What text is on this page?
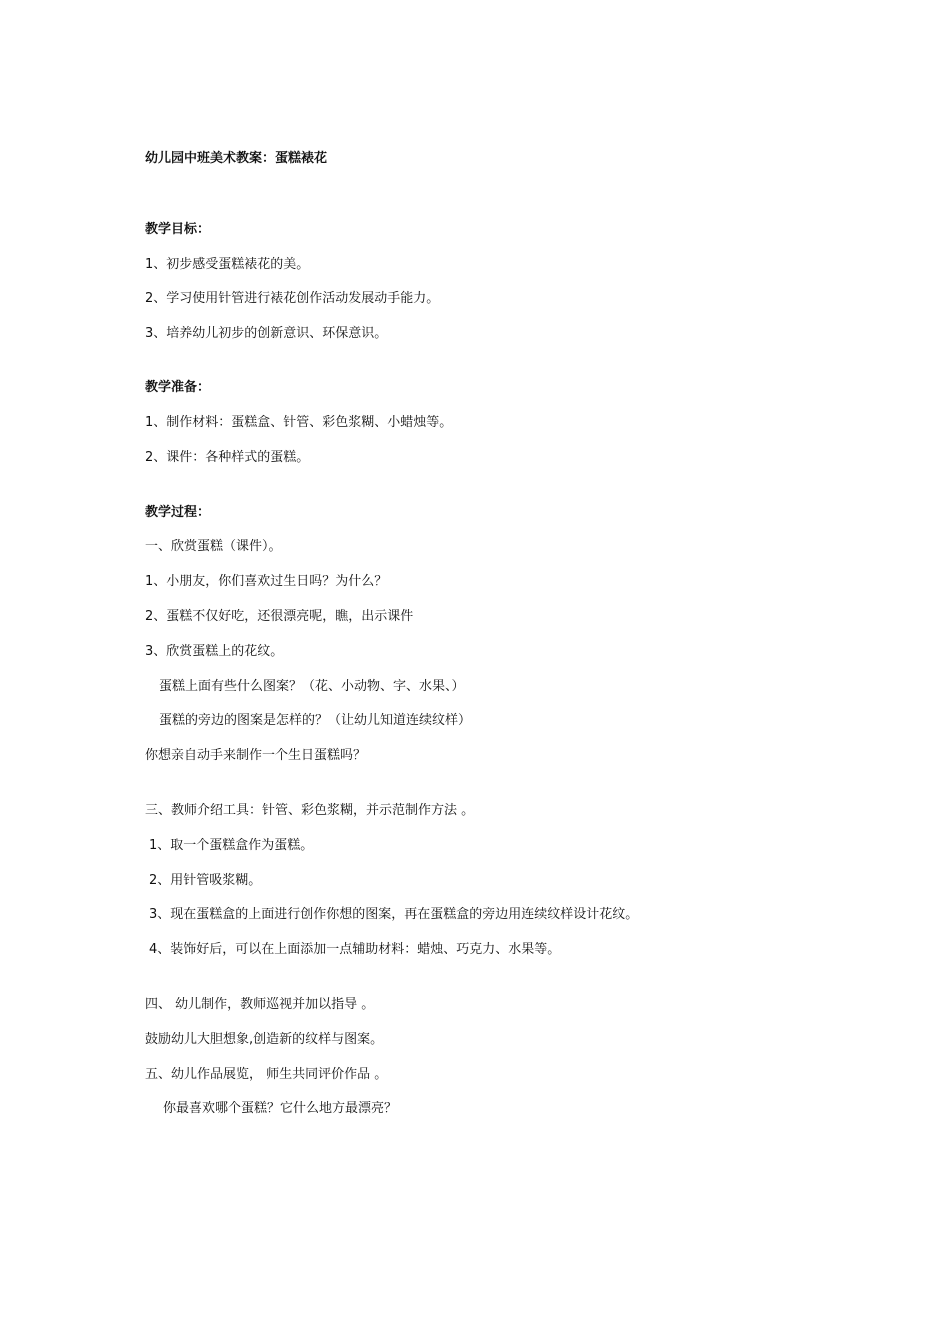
幼儿园中班美术教案：蛋糕裱花
教学目标：
1、初步感受蛋糕裱花的美。
2、学习使用针管进行裱花创作活动发展动手能力。
3、培养幼儿初步的创新意识、环保意识。
教学准备：
1、制作材料：蛋糕盒、针管、彩色浆糊、小蜡烛等。
2、课件：各种样式的蛋糕。
教学过程：
一、欣赏蛋糕（课件）。
1、小朋友，你们喜欢过生日吗？为什么？
2、蛋糕不仅好吃，还很漂亮呢，瞧，出示课件
3、欣赏蛋糕上的花纹。
蛋糕上面有些什么图案？（花、小动物、字、水果、）
蛋糕的旁边的图案是怎样的？（让幼儿知道连续纹样）
你想亲自动手来制作一个生日蛋糕吗？
三、教师介绍工具：针管、彩色浆糊，并示范制作方法 。
1、取一个蛋糕盒作为蛋糕。
2、用针管吸浆糊。
3、现在蛋糕盒的上面进行创作你想的图案，再在蛋糕盒的旁边用连续纹样设计花纹。
4、装饰好后，可以在上面添加一点辅助材料：蜡烛、巧克力、水果等。
四、 幼儿制作，教师巡视并加以指导 。
鼓励幼儿大胆想象,创造新的纹样与图案。
五、幼儿作品展览， 师生共同评价作品 。
你最喜欢哪个蛋糕？它什么地方最漂亮？
